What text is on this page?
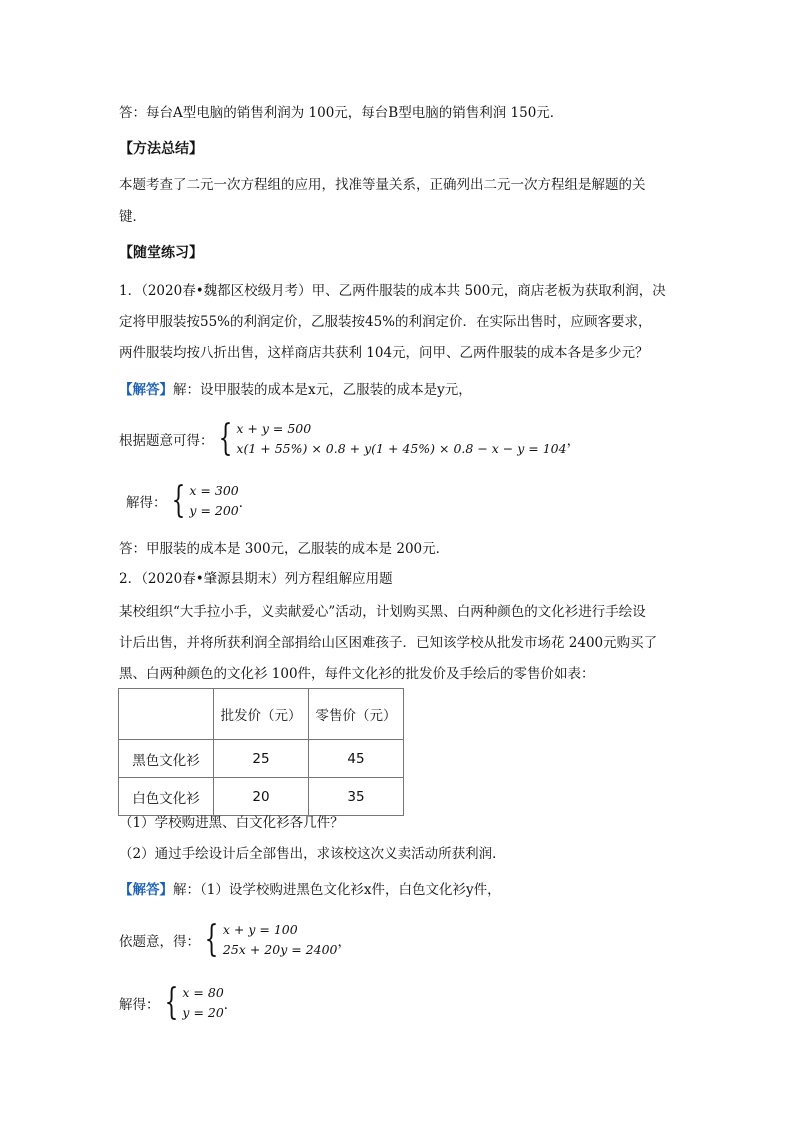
答：每台A型电脑的销售利润为 100元，每台B型电脑的销售利润 150元．
【方法总结】
本题考查了二元一次方程组的应用，找准等量关系，正确列出二元一次方程组是解题的关
键．
【随堂练习】
1．（2020春•魏都区校级月考）甲、乙两件服装的成本共 500元，商店老板为获取利润，决
定将甲服装按55%的利润定价，乙服装按45%的利润定价．在实际出售时，应顾客要求，
两件服装均按八折出售，这样商店共获利 104元，问甲、乙两件服装的成本各是多少元？
【解答】解：设甲服装的成本是x元，乙服装的成本是y元，
根据题意可得： { x + y = 500
x(1 + 55%) × 0.8 + y(1 + 45%) × 0.8 − x − y = 104 ，
解得： { x = 300
y = 200 ．
答：甲服装的成本是 300元，乙服装的成本是 200元．
2．（2020春•肇源县期末）列方程组解应用题
某校组织“大手拉小手，义卖献爱心”活动，计划购买黑、白两种颜色的文化衫进行手绘设
计后出售，并将所获利润全部捐给山区困难孩子．已知该学校从批发市场花 2400元购买了
黑、白两种颜色的文化衫 100件，每件文化衫的批发价及手绘后的零售价如表：
	批发价（元）	零售价（元）
黑色文化衫	25	45
白色文化衫	20	35
（1）学校购进黑、白文化衫各几件？
（2）通过手绘设计后全部售出，求该校这次义卖活动所获利润．
【解答】解：（1）设学校购进黑色文化衫x件，白色文化衫y件，
依题意，得： { x + y = 100
25x + 20y = 2400 ，
解得： { x = 80
y = 20 ．
